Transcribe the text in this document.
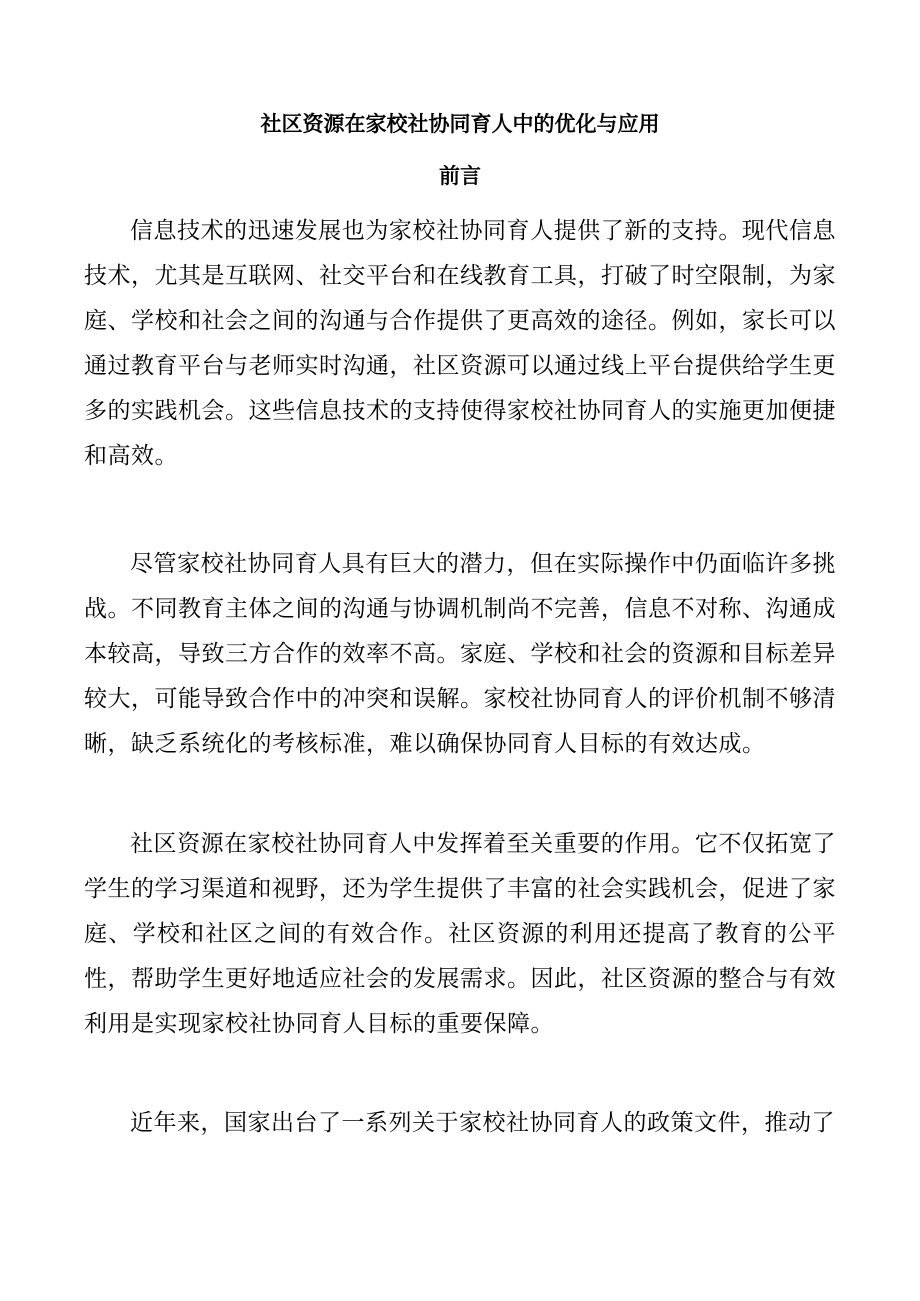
社区资源在家校社协同育人中的优化与应用
前言

信息技术的迅速发展也为家校社协同育人提供了新的支持。现代信息技术，尤其是互联网、社交平台和在线教育工具，打破了时空限制，为家庭、学校和社会之间的沟通与合作提供了更高效的途径。例如，家长可以通过教育平台与老师实时沟通，社区资源可以通过线上平台提供给学生更多的实践机会。这些信息技术的支持使得家校社协同育人的实施更加便捷和高效。

尽管家校社协同育人具有巨大的潜力，但在实际操作中仍面临许多挑战。不同教育主体之间的沟通与协调机制尚不完善，信息不对称、沟通成本较高，导致三方合作的效率不高。家庭、学校和社会的资源和目标差异较大，可能导致合作中的冲突和误解。家校社协同育人的评价机制不够清晰，缺乏系统化的考核标准，难以确保协同育人目标的有效达成。

社区资源在家校社协同育人中发挥着至关重要的作用。它不仅拓宽了学生的学习渠道和视野，还为学生提供了丰富的社会实践机会，促进了家庭、学校和社区之间的有效合作。社区资源的利用还提高了教育的公平性，帮助学生更好地适应社会的发展需求。因此，社区资源的整合与有效利用是实现家校社协同育人目标的重要保障。

近年来，国家出台了一系列关于家校社协同育人的政策文件，推动了
